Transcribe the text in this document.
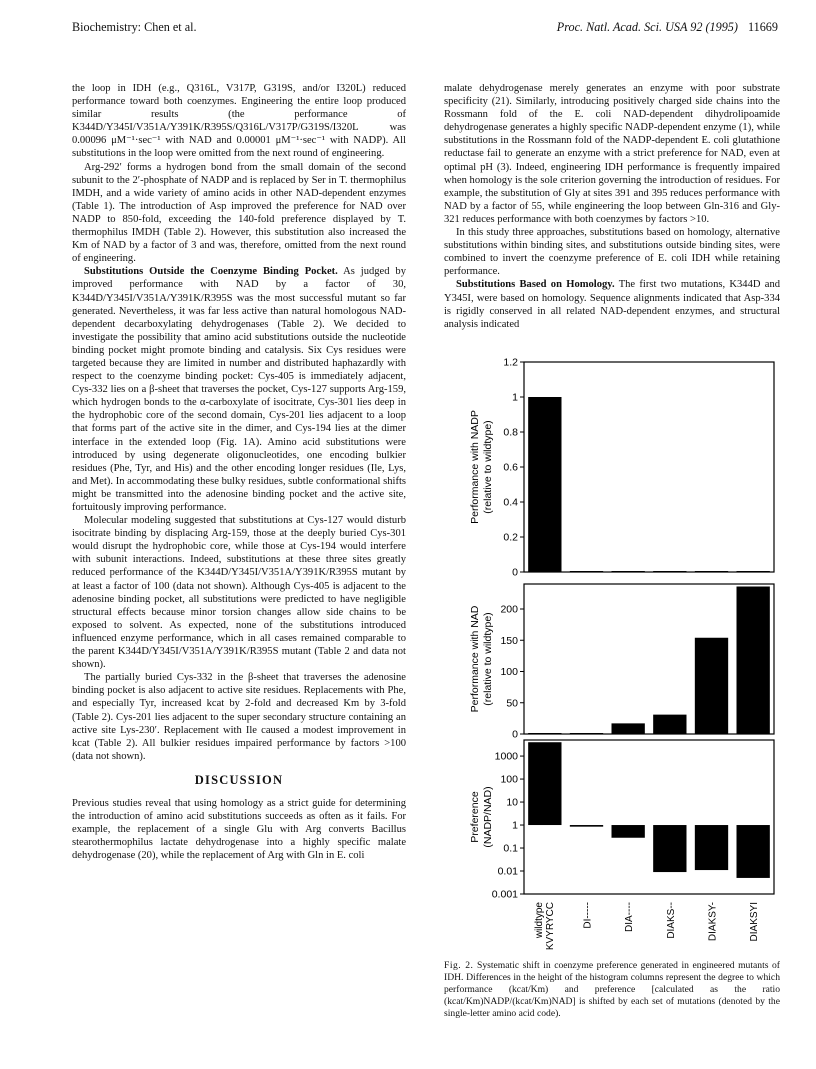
Biochemistry: Chen et al.	Proc. Natl. Acad. Sci. USA 92 (1995) 11669

the loop in IDH (e.g., Q316L, V317P, G319S, and/or I320L) reduced performance toward both coenzymes. Engineering the entire loop produced similar results (the performance of K344D/Y345I/V351A/Y391K/R395S/Q316L/V317P/G319S/I320L was 0.00096 μM⁻¹·sec⁻¹ with NAD and 0.00001 μM⁻¹·sec⁻¹ with NADP). All substitutions in the loop were omitted from the next round of engineering.

Arg-292′ forms a hydrogen bond from the small domain of the second subunit to the 2′-phosphate of NADP and is replaced by Ser in T. thermophilus IMDH, and a wide variety of amino acids in other NAD-dependent enzymes (Table 1). The introduction of Asp improved the preference for NAD over NADP to 850-fold, exceeding the 140-fold preference displayed by T. thermophilus IMDH (Table 2). However, this substitution also increased the Km of NAD by a factor of 3 and was, therefore, omitted from the next round of engineering.

Substitutions Outside the Coenzyme Binding Pocket. As judged by improved performance with NAD by a factor of 30, K344D/Y345I/V351A/Y391K/R395S was the most successful mutant so far generated. Nevertheless, it was far less active than natural homologous NAD-dependent decarboxylating dehydrogenases (Table 2). We decided to investigate the possibility that amino acid substitutions outside the nucleotide binding pocket might promote binding and catalysis. Six Cys residues were targeted because they are limited in number and distributed haphazardly with respect to the coenzyme binding pocket: Cys-405 is immediately adjacent, Cys-332 lies on a β-sheet that traverses the pocket, Cys-127 supports Arg-159, which hydrogen bonds to the α-carboxylate of isocitrate, Cys-301 lies deep in the hydrophobic core of the second domain, Cys-201 lies adjacent to a loop that forms part of the active site in the dimer, and Cys-194 lies at the dimer interface in the extended loop (Fig. 1A). Amino acid substitutions were introduced by using degenerate oligonucleotides, one encoding bulkier residues (Phe, Tyr, and His) and the other encoding longer residues (Ile, Lys, and Met). In accommodating these bulky residues, subtle conformational shifts might be transmitted into the adenosine binding pocket and the active site, fortuitously improving performance.

Molecular modeling suggested that substitutions at Cys-127 would disturb isocitrate binding by displacing Arg-159, those at the deeply buried Cys-301 would disrupt the hydrophobic core, while those at Cys-194 would interfere with subunit interactions. Indeed, substitutions at these three sites greatly reduced performance of the K344D/Y345I/V351A/Y391K/R395S mutant by at least a factor of 100 (data not shown). Although Cys-405 is adjacent to the adenosine binding pocket, all substitutions were predicted to have negligible structural effects because minor torsion changes allow side chains to be exposed to solvent. As expected, none of the substitutions introduced influenced enzyme performance, which in all cases remained comparable to the parent K344D/Y345I/V351A/Y391K/R395S mutant (Table 2 and data not shown).

The partially buried Cys-332 in the β-sheet that traverses the adenosine binding pocket is also adjacent to active site residues. Replacements with Phe, and especially Tyr, increased kcat by 2-fold and decreased Km by 3-fold (Table 2). Cys-201 lies adjacent to the super secondary structure containing an active site Lys-230′. Replacement with Ile caused a modest improvement in kcat (Table 2). All bulkier residues impaired performance by factors >100 (data not shown).

DISCUSSION

Previous studies reveal that using homology as a strict guide for determining the introduction of amino acid substitutions succeeds as often as it fails. For example, the replacement of a single Glu with Arg converts Bacillus stearothermophilus lactate dehydrogenase into a highly specific malate dehydrogenase (20), while the replacement of Arg with Gln in E. coli

malate dehydrogenase merely generates an enzyme with poor substrate specificity (21). Similarly, introducing positively charged side chains into the Rossmann fold of the E. coli NAD-dependent dihydrolipoamide dehydrogenase generates a highly specific NADP-dependent enzyme (1), while substitutions in the Rossmann fold of the NADP-dependent E. coli glutathione reductase fail to generate an enzyme with a strict preference for NAD, even at optimal pH (3). Indeed, engineering IDH performance is frequently impaired when homology is the sole criterion governing the introduction of residues. For example, the substitution of Gly at sites 391 and 395 reduces performance with NAD by a factor of 55, while engineering the loop between Gln-316 and Gly-321 reduces performance with both coenzymes by factors >10.

In this study three approaches, substitutions based on homology, alternative substitutions within binding sites, and substitutions outside binding sites, were combined to invert the coenzyme preference of E. coli IDH while retaining performance.

Substitutions Based on Homology. The first two mutations, K344D and Y345I, were based on homology. Sequence alignments indicated that Asp-334 is rigidly conserved in all related NAD-dependent enzymes, and structural analysis indicated

0
0.2
0.4
0.6
0.8
1
1.2
Performance with NADP (relative to wildtype)
0
50
100
150
200
Performance with NAD (relative to wildtype)
0.001
0.01
0.1
1
10
100
1000
Preference (NADP/NAD)
wildtype KVYRYCC	DI-----	DIA----	DIAKS--	DIAKSY-	DIAKSYI
Fig. 2. Systematic shift in coenzyme preference generated in engineered mutants of IDH. Differences in the height of the histogram columns represent the degree to which performance (kcat/Km) and preference [calculated as the ratio (kcat/Km)NADP/(kcat/Km)NAD] is shifted by each set of mutations (denoted by the single-letter amino acid code).
